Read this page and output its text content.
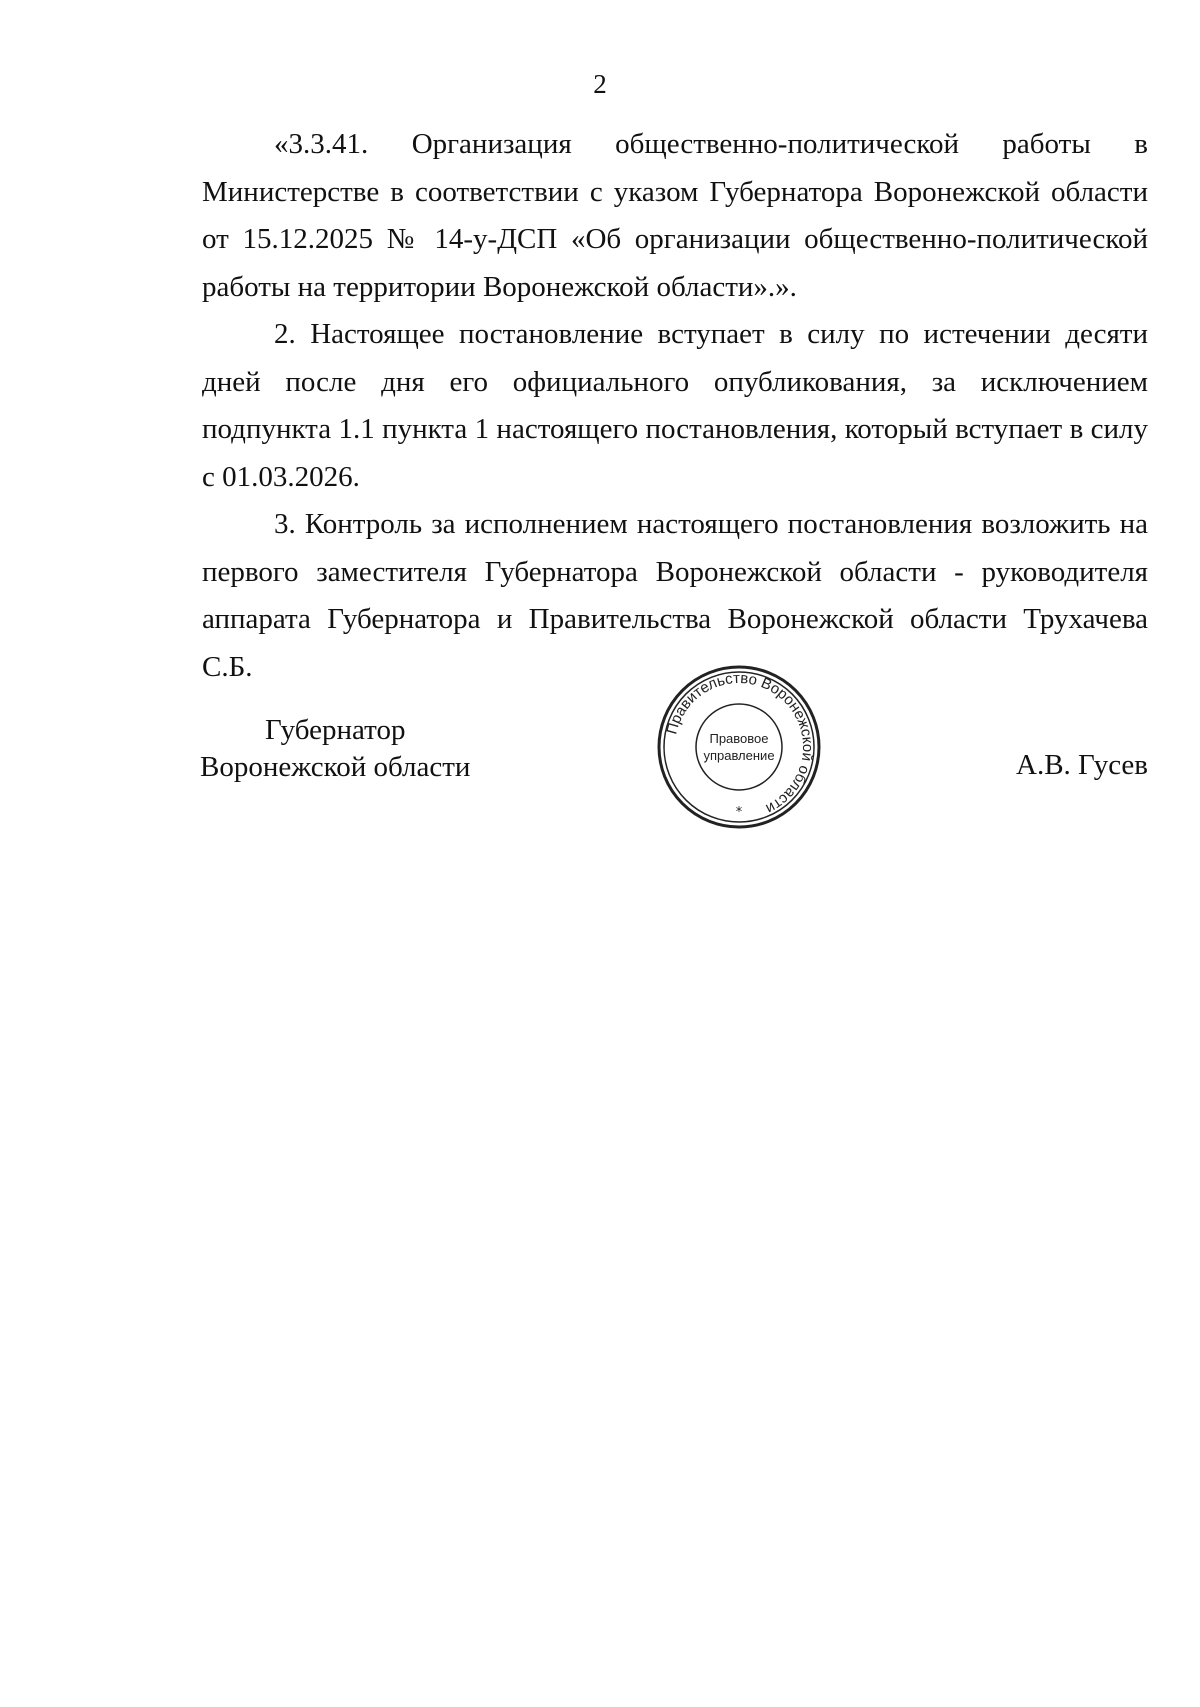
2

«3.3.41. Организация общественно-политической работы в Министерстве в соответствии с указом Губернатора Воронежской области от 15.12.2025 № 14-у-ДСП «Об организации общественно-политической работы на территории Воронежской области».».

2. Настоящее постановление вступает в силу по истечении десяти дней после дня его официального опубликования, за исключением подпункта 1.1 пункта 1 настоящего постановления, который вступает в силу с 01.03.2026.

3. Контроль за исполнением настоящего постановления возложить на первого заместителя Губернатора Воронежской области - руководителя аппарата Губернатора и Правительства Воронежской области Трухачева С.Б.

Губернатор
Воронежской области
Правительство Воронежской области
Правовое
управление
*
А.В. Гусев
